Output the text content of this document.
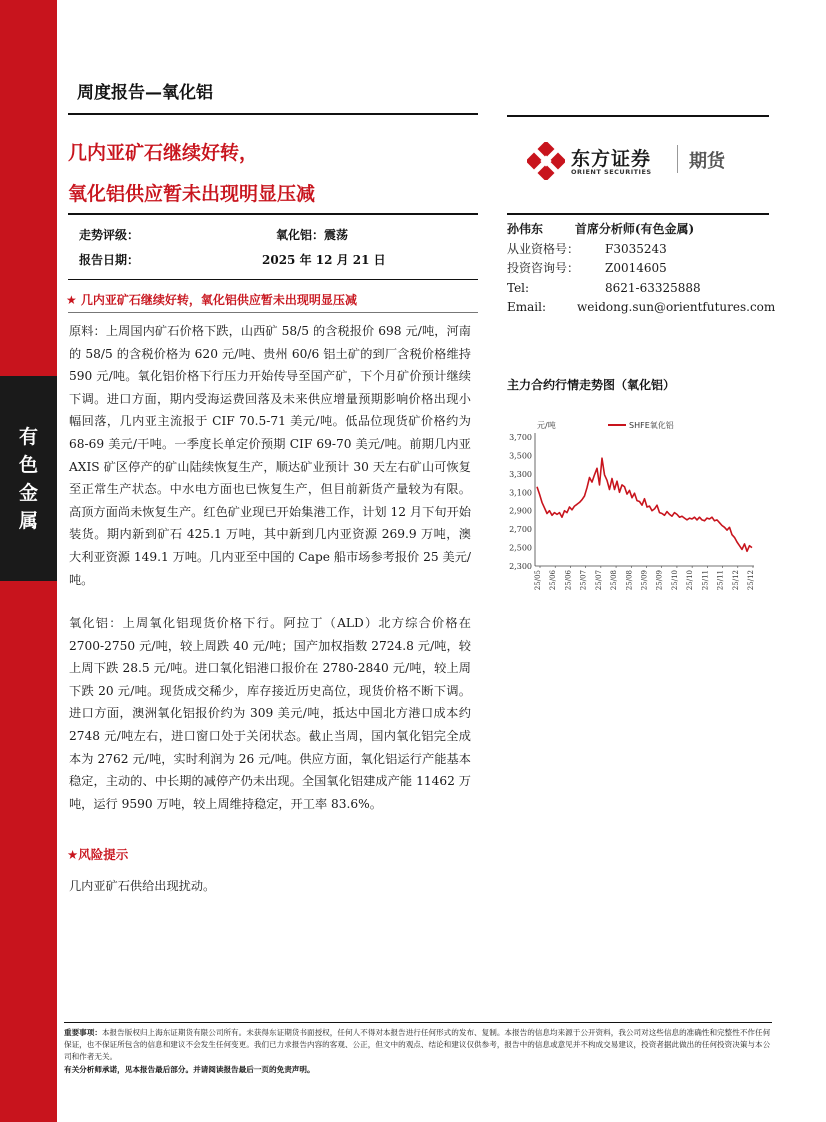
有
色
金
属
周度报告—氧化铝
几内亚矿石继续好转，
氧化铝供应暂未出现明显压减
东方证券
ORIENT SECURITIES 期货
走势评级：	氧化铝：震荡
报告日期：	2025 年 12 月 21 日
★ 几内亚矿石继续好转，氧化铝供应暂未出现明显压减
原料：上周国内矿石价格下跌，山西矿 58/5 的含税报价 698 元/吨，河南的 58/5 的含税价格为 620 元/吨、贵州 60/6 铝土矿的到厂含税价格维持 590 元/吨。氧化铝价格下行压力开始传导至国产矿，下个月矿价预计继续下调。进口方面，期内受海运费回落及未来供应增量预期影响价格出现小幅回落，几内亚主流报于 CIF 70.5-71 美元/吨。低品位现货矿价格约为 68-69 美元/干吨。一季度长单定价预期 CIF 69-70 美元/吨。前期几内亚 AXIS 矿区停产的矿山陆续恢复生产，顺达矿业预计 30 天左右矿山可恢复至正常生产状态。中水电方面也已恢复生产，但目前新货产量较为有限。高顶方面尚未恢复生产。红色矿业现已开始集港工作，计划 12 月下旬开始装货。期内新到矿石 425.1 万吨，其中新到几内亚资源 269.9 万吨，澳大利亚资源 149.1 万吨。几内亚至中国的 Cape 船市场参考报价 25 美元/吨。
氧化铝：上周氧化铝现货价格下行。阿拉丁（ALD）北方综合价格在 2700-2750 元/吨，较上周跌 40 元/吨；国产加权指数 2724.8 元/吨，较上周下跌 28.5 元/吨。进口氧化铝港口报价在 2780-2840 元/吨，较上周下跌 20 元/吨。现货成交稀少，库存接近历史高位，现货价格不断下调。进口方面，澳洲氧化铝报价约为 309 美元/吨，抵达中国北方港口成本约 2748 元/吨左右，进口窗口处于关闭状态。截止当周，国内氧化铝完全成本为 2762 元/吨，实时利润为 26 元/吨。供应方面，氧化铝运行产能基本稳定，主动的、中长期的减停产仍未出现。全国氧化铝建成产能 11462 万吨，运行 9590 万吨，较上周维持稳定，开工率 83.6%。
★风险提示
几内亚矿石供给出现扰动。
孙伟东	首席分析师(有色金属)
从业资格号： F3035243
投资咨询号： Z0014605
Tel:	8621-63325888
Email:	weidong.sun@orientfutures.com
主力合约行情走势图（氧化铝）
元/吨
2,300
2,500
2,700
2,900
3,100
3,300
3,500
3,700
25/05 25/06 25/06 25/07 25/07 25/08 25/08 25/09 25/09 25/10 25/10 25/11 25/11 25/12 25/12
SHFE氧化铝
重要事项：本报告版权归上海东证期货有限公司所有。未获得东证期货书面授权，任何人不得对本报告进行任何形式的发布、复制。本报告的信息均来源于公开资料，我公司对这些信息的准确性和完整性不作任何保证，也不保证所包含的信息和建议不会发生任何变更。我们已力求报告内容的客观、公正，但文中的观点、结论和建议仅供参考，报告中的信息或意见并不构成交易建议，投资者据此做出的任何投资决策与本公司和作者无关。
有关分析师承诺，见本报告最后部分。并请阅读报告最后一页的免责声明。
